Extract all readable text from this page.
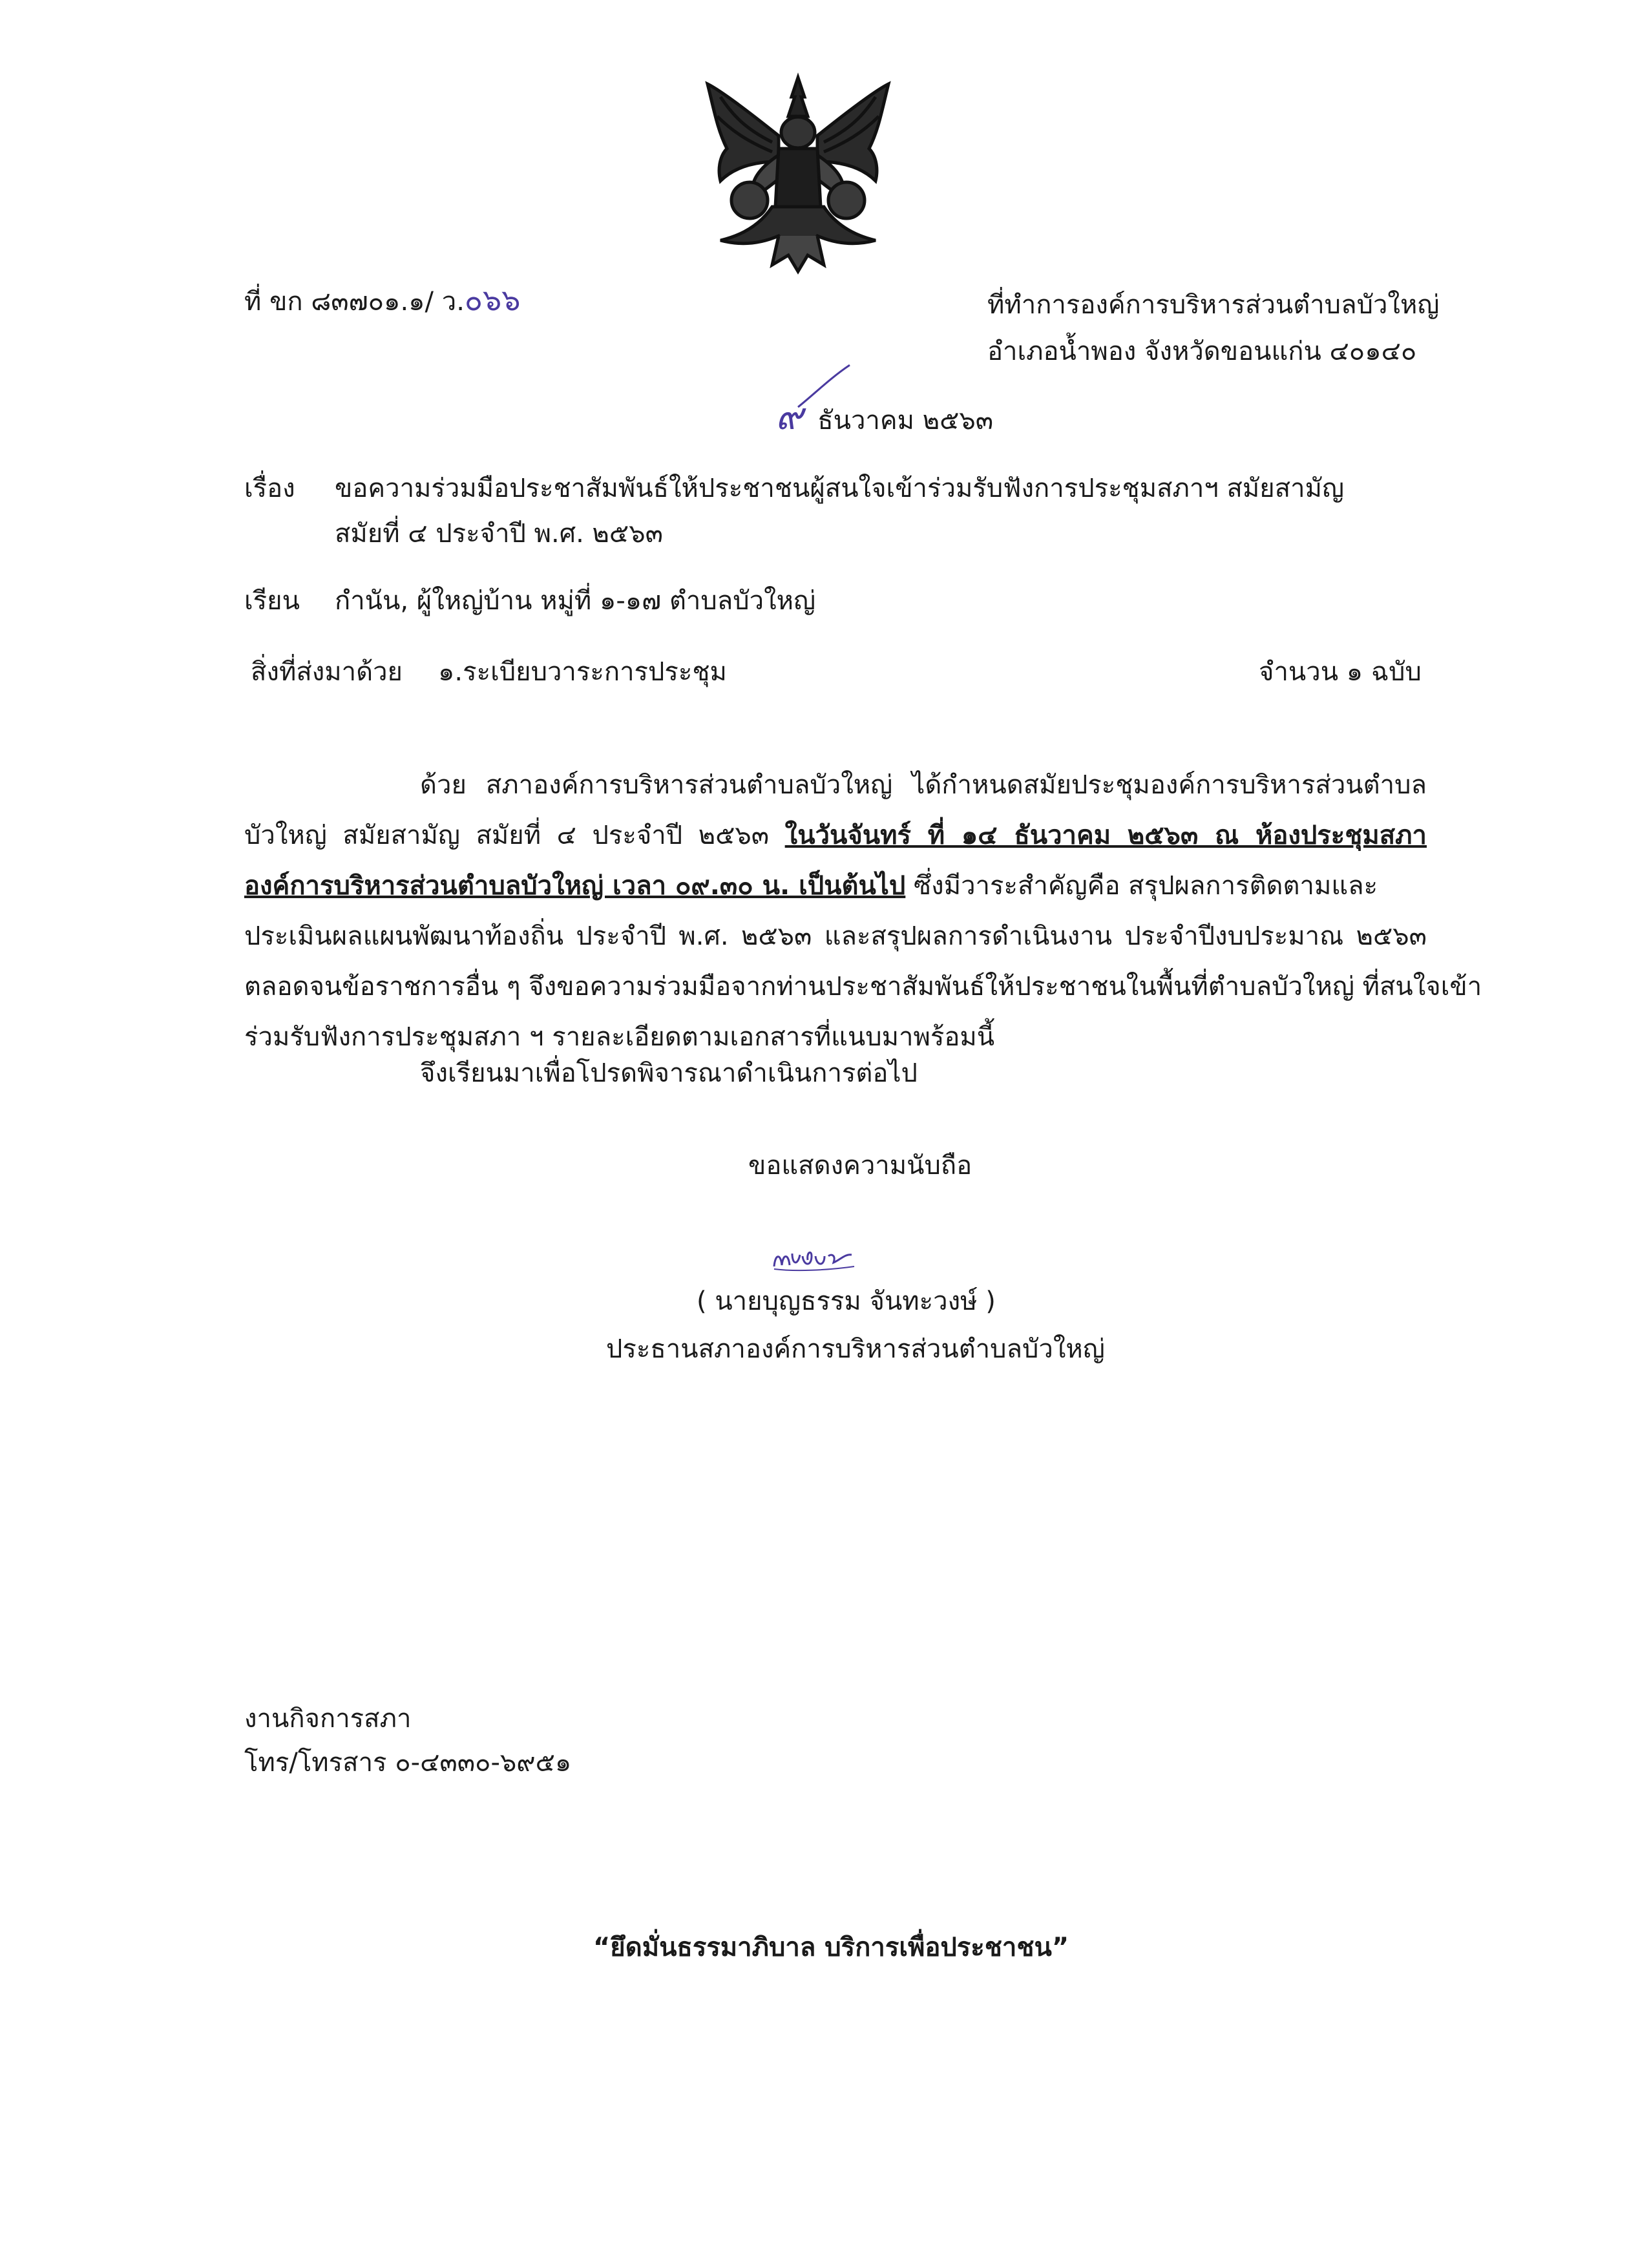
ที่ ขก ๘๓๗๐๑.๑/ ว.๐๖๖	ที่ทำการองค์การบริหารส่วนตำบลบัวใหญ่
อำเภอน้ำพอง จังหวัดขอนแก่น ๔๐๑๔๐
๙ ธันวาคม ๒๕๖๓
เรื่อง ขอความร่วมมือประชาสัมพันธ์ให้ประชาชนผู้สนใจเข้าร่วมรับฟังการประชุมสภาฯ สมัยสามัญ
สมัยที่ ๔ ประจำปี พ.ศ. ๒๕๖๓
เรียน กำนัน, ผู้ใหญ่บ้าน หมู่ที่ ๑-๑๗ ตำบลบัวใหญ่
สิ่งที่ส่งมาด้วย ๑.ระเบียบวาระการประชุม	จำนวน ๑ ฉบับ
ด้วย สภาองค์การบริหารส่วนตำบลบัวใหญ่ ได้กำหนดสมัยประชุมองค์การบริหารส่วนตำบล
บัวใหญ่ สมัยสามัญ สมัยที่ ๔ ประจำปี ๒๕๖๓ ในวันจันทร์ ที่ ๑๔ ธันวาคม ๒๕๖๓ ณ ห้องประชุมสภา
องค์การบริหารส่วนตำบลบัวใหญ่ เวลา ๐๙.๓๐ น. เป็นต้นไป ซึ่งมีวาระสำคัญคือ สรุปผลการติดตามและ
ประเมินผลแผนพัฒนาท้องถิ่น ประจำปี พ.ศ. ๒๕๖๓ และสรุปผลการดำเนินงาน ประจำปีงบประมาณ ๒๕๖๓
ตลอดจนข้อราชการอื่น ๆ จึงขอความร่วมมือจากท่านประชาสัมพันธ์ให้ประชาชนในพื้นที่ตำบลบัวใหญ่ ที่สนใจเข้า
ร่วมรับฟังการประชุมสภา ฯ รายละเอียดตามเอกสารที่แนบมาพร้อมนี้
จึงเรียนมาเพื่อโปรดพิจารณาดำเนินการต่อไป
ขอแสดงความนับถือ
( นายบุญธรรม จันทะวงษ์ )
ประธานสภาองค์การบริหารส่วนตำบลบัวใหญ่
งานกิจการสภา
โทร/โทรสาร ๐-๔๓๓๐-๖๙๕๑
“ยึดมั่นธรรมาภิบาล บริการเพื่อประชาชน”
